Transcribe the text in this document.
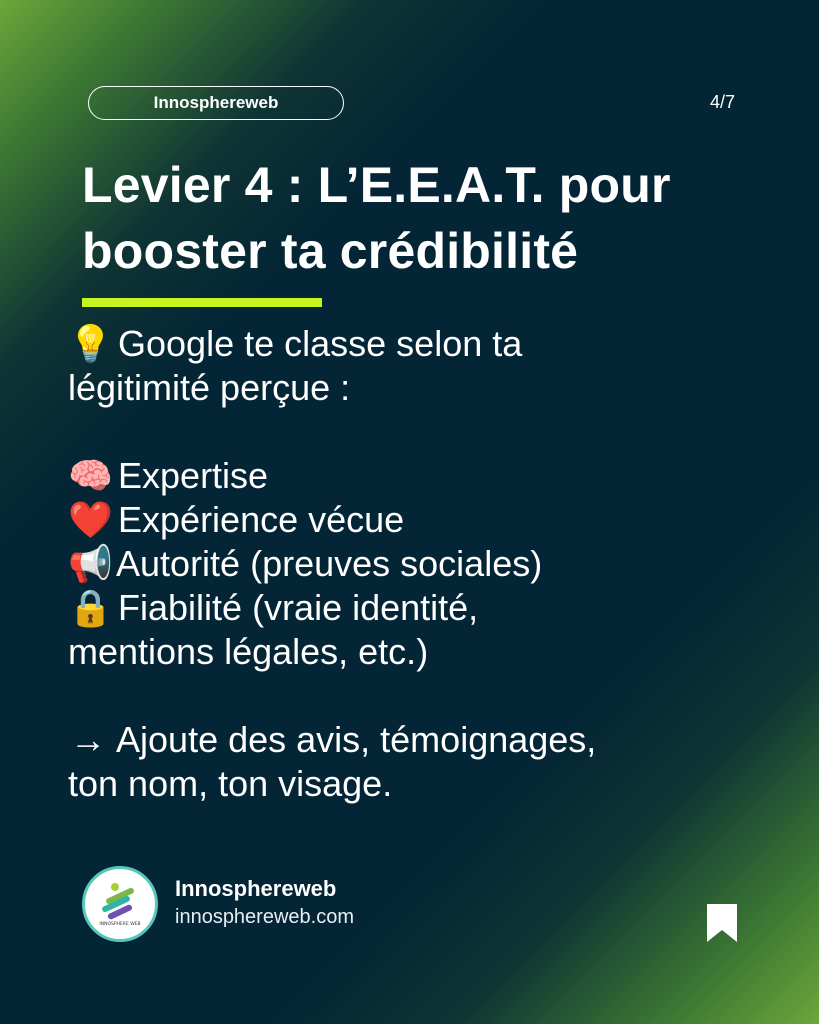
Innosphereweb	4/7
Levier 4 : L’E.E.A.T. pour
booster ta crédibilité
💡 Google te classe selon ta
légitimité perçue :
🧠 Expertise
❤️ Expérience vécue
📢 Autorité (preuves sociales)
🔒 Fiabilité (vraie identité,
mentions légales, etc.)
→ Ajoute des avis, témoignages,
ton nom, ton visage.
INNOSPHERE WEB
Innosphereweb
innosphereweb.com
